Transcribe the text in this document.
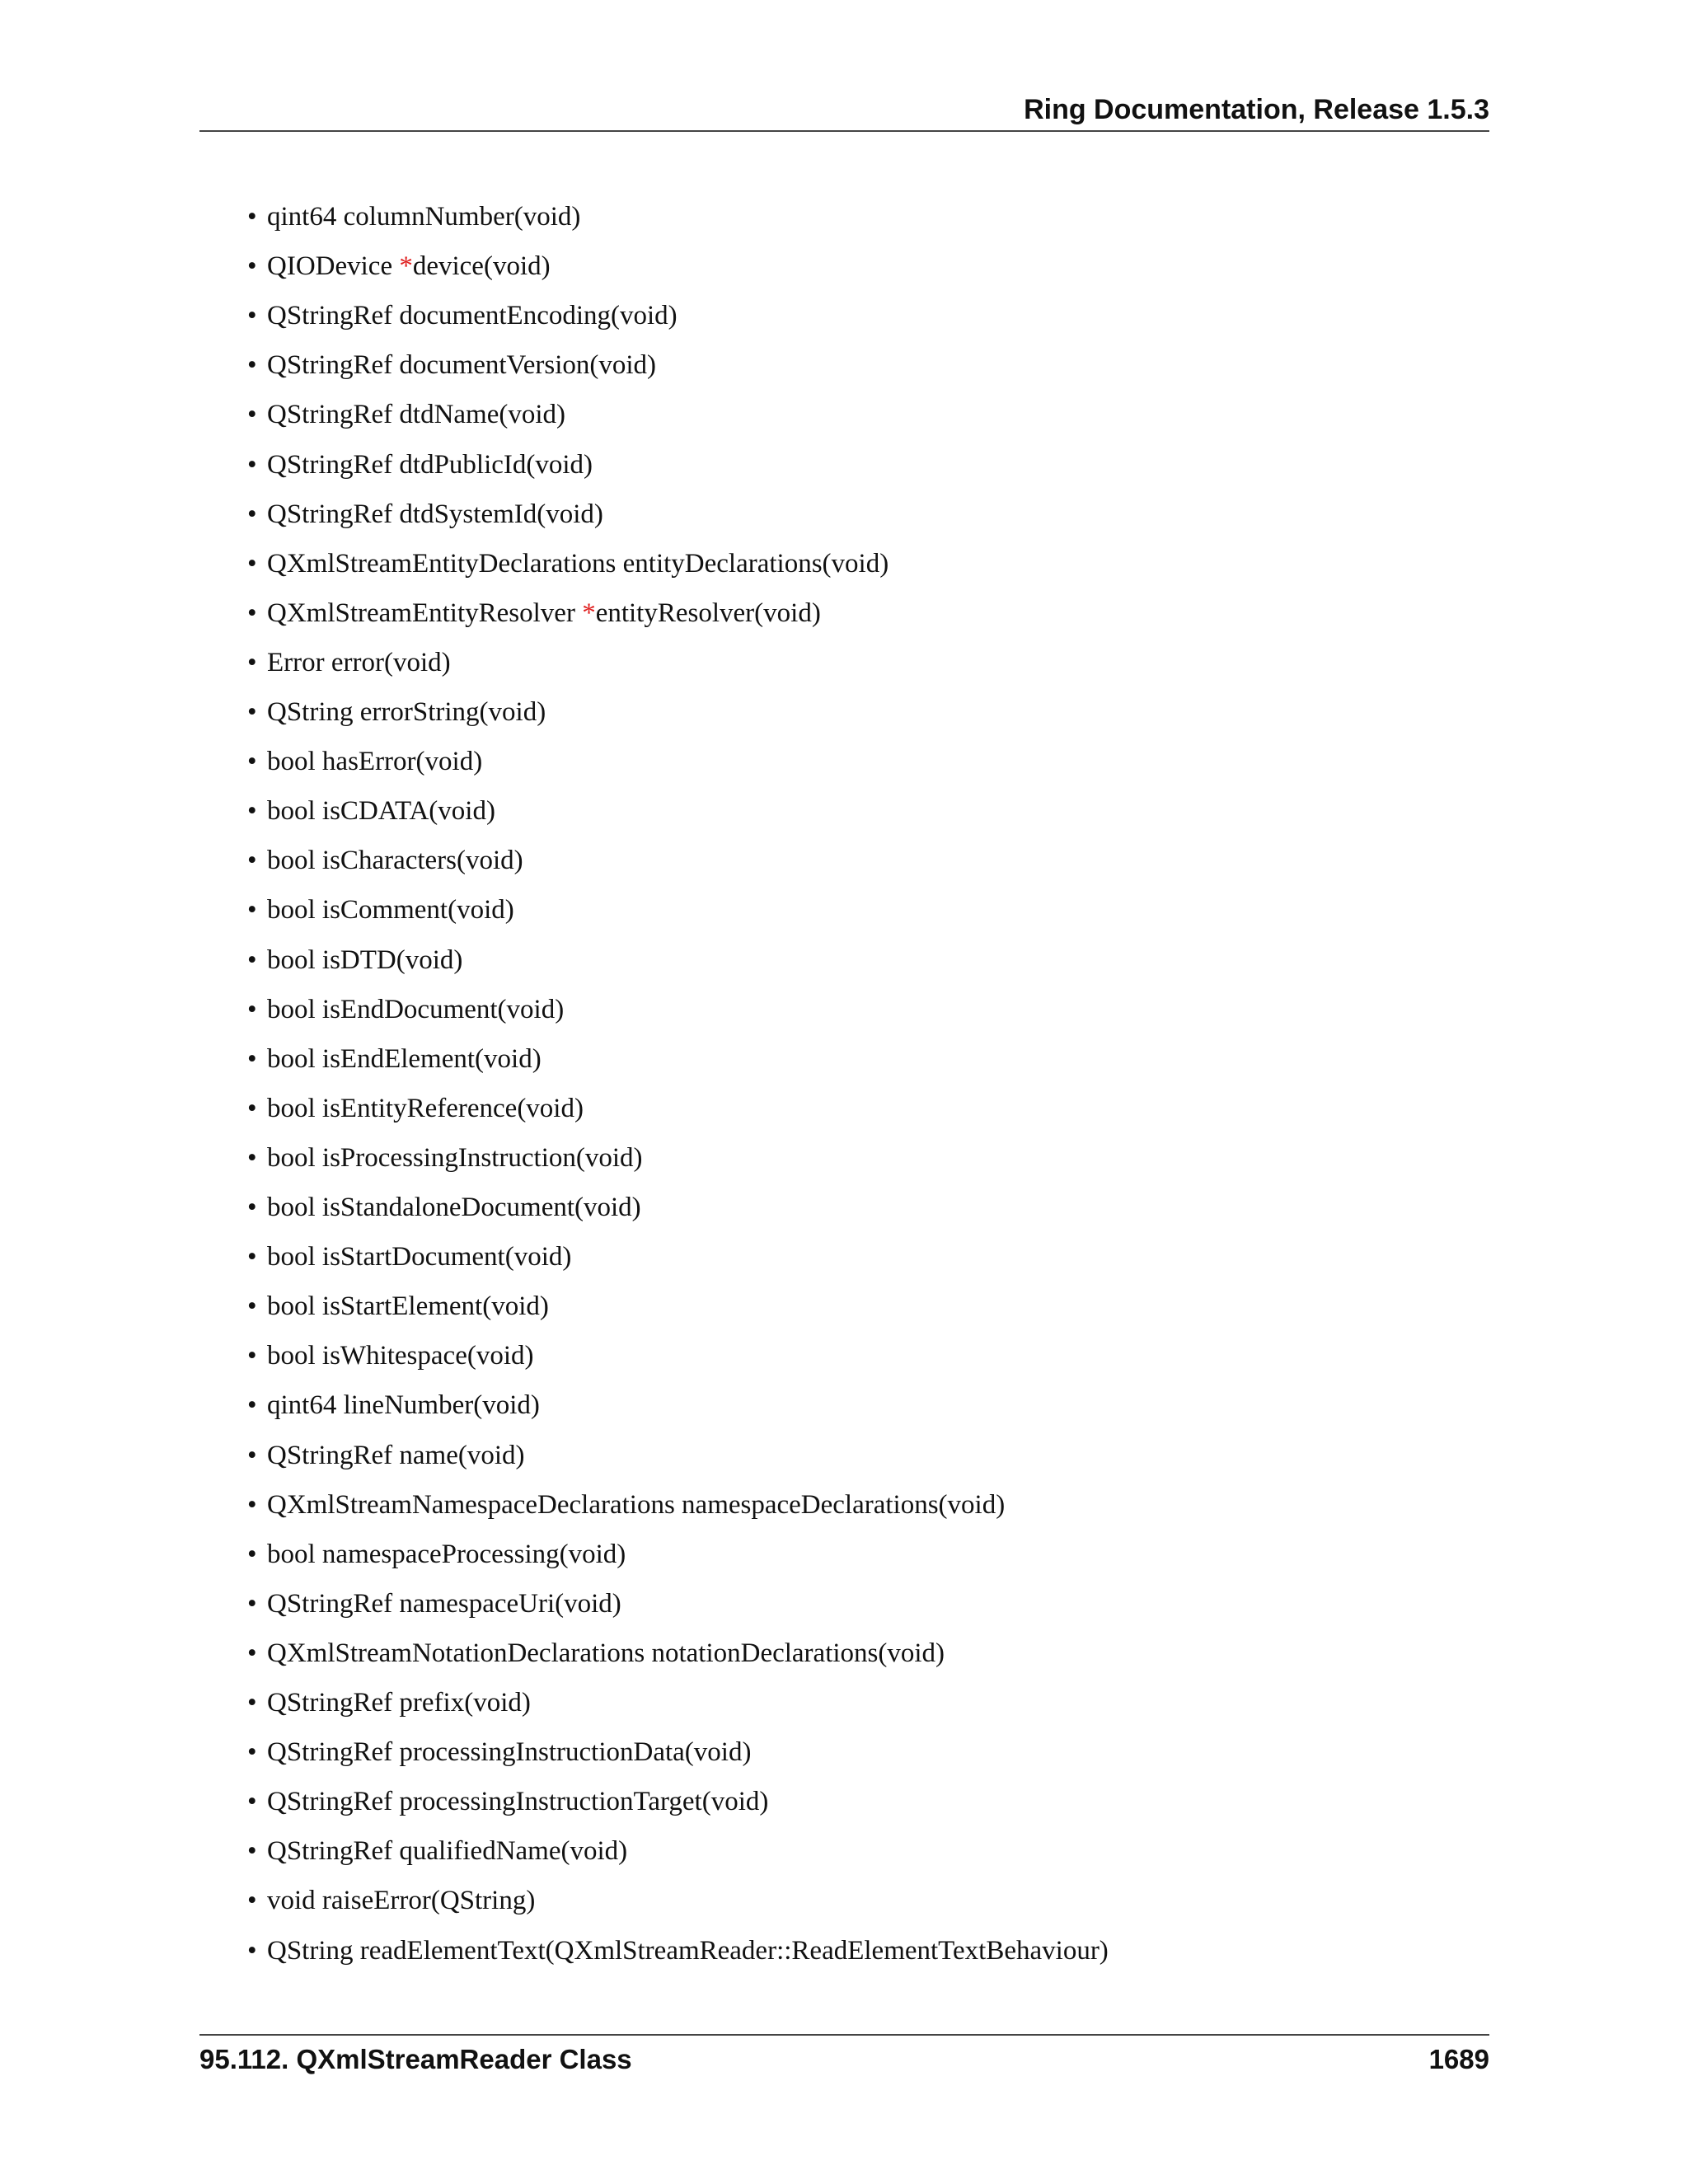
Ring Documentation, Release 1.5.3
• qint64 columnNumber(void)
• QIODevice *device(void)
• QStringRef documentEncoding(void)
• QStringRef documentVersion(void)
• QStringRef dtdName(void)
• QStringRef dtdPublicId(void)
• QStringRef dtdSystemId(void)
• QXmlStreamEntityDeclarations entityDeclarations(void)
• QXmlStreamEntityResolver *entityResolver(void)
• Error error(void)
• QString errorString(void)
• bool hasError(void)
• bool isCDATA(void)
• bool isCharacters(void)
• bool isComment(void)
• bool isDTD(void)
• bool isEndDocument(void)
• bool isEndElement(void)
• bool isEntityReference(void)
• bool isProcessingInstruction(void)
• bool isStandaloneDocument(void)
• bool isStartDocument(void)
• bool isStartElement(void)
• bool isWhitespace(void)
• qint64 lineNumber(void)
• QStringRef name(void)
• QXmlStreamNamespaceDeclarations namespaceDeclarations(void)
• bool namespaceProcessing(void)
• QStringRef namespaceUri(void)
• QXmlStreamNotationDeclarations notationDeclarations(void)
• QStringRef prefix(void)
• QStringRef processingInstructionData(void)
• QStringRef processingInstructionTarget(void)
• QStringRef qualifiedName(void)
• void raiseError(QString)
• QString readElementText(QXmlStreamReader::ReadElementTextBehaviour)
95.112. QXmlStreamReader Class	1689
